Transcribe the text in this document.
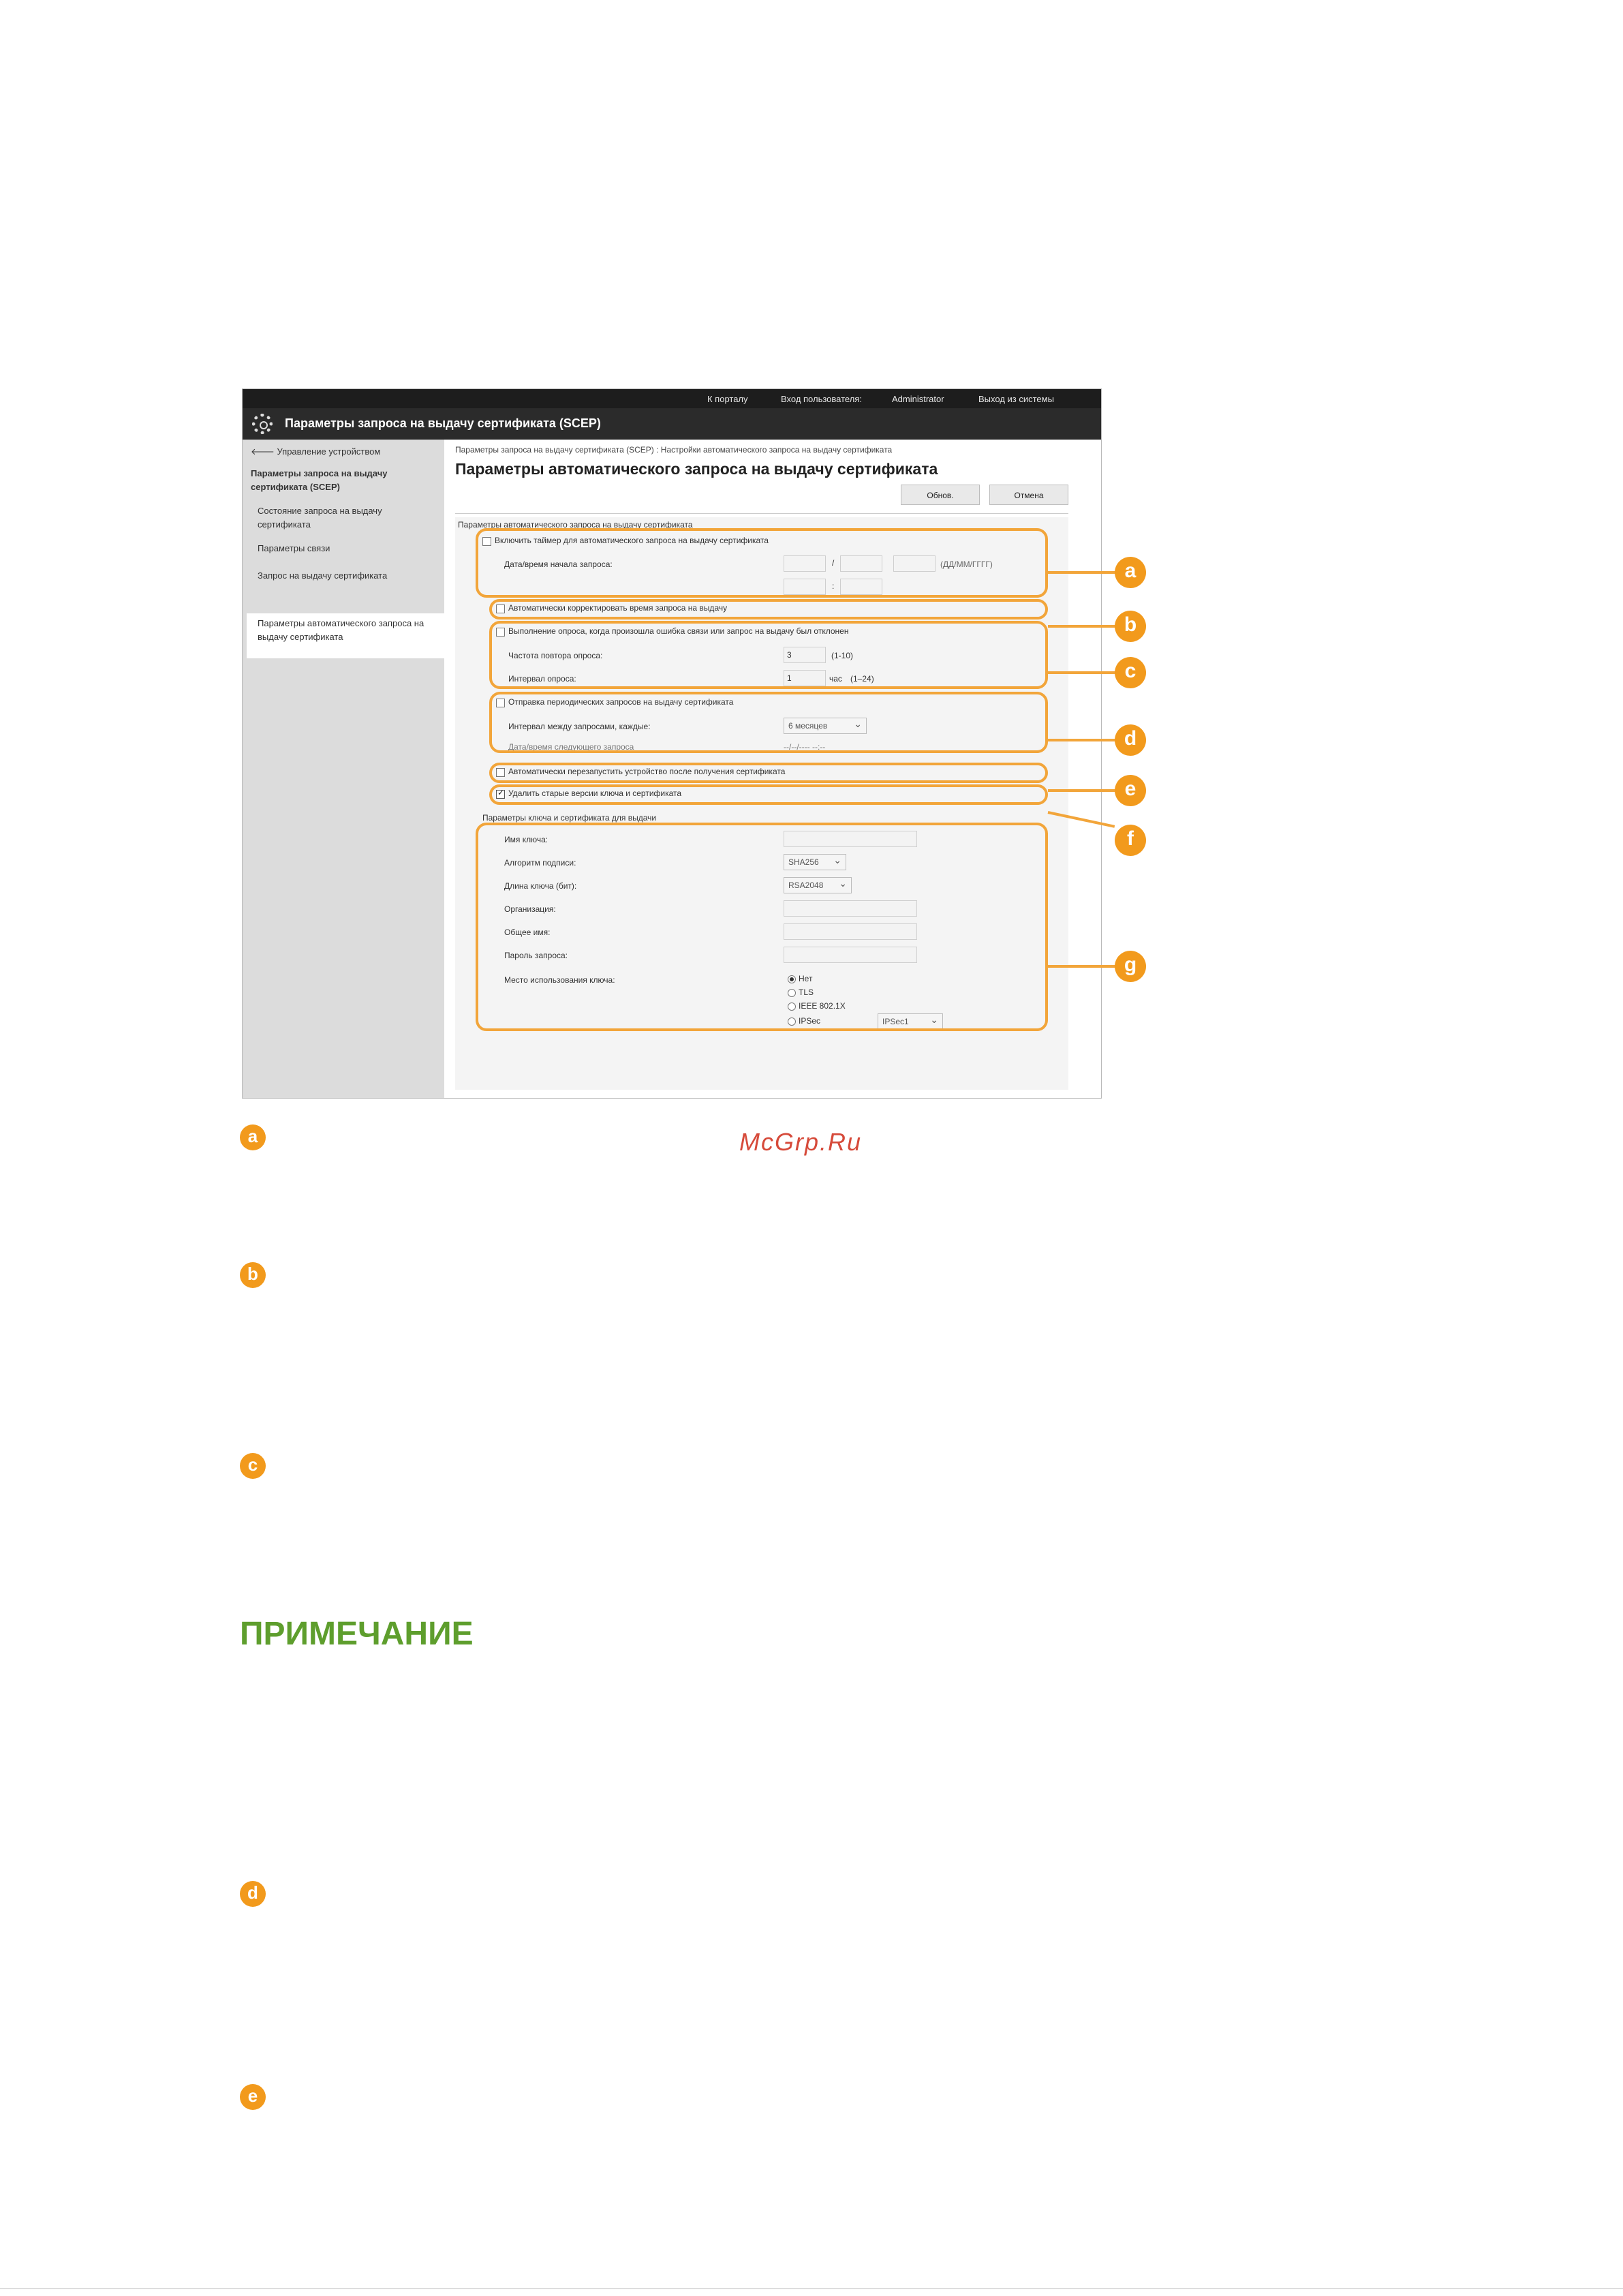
К порталу	Вход пользователя:	Administrator	Выход из системы
Параметры запроса на выдачу сертификата (SCEP)
🡐 Управление устройством
Параметры запроса на выдачу сертификата (SCEP)
Состояние запроса на выдачу сертификата
Параметры связи
Запрос на выдачу сертификата
Параметры автоматического запроса на выдачу сертификата
Параметры запроса на выдачу сертификата (SCEP) : Настройки автоматического запроса на выдачу сертификата
Параметры автоматического запроса на выдачу сертификата
Обнов.	Отмена
Параметры автоматического запроса на выдачу сертификата
Включить таймер для автоматического запроса на выдачу сертификата
Дата/время начала запроса:	/	(ДД/ММ/ГГГГ)
:
Автоматически корректировать время запроса на выдачу
Выполнение опроса, когда произошла ошибка связи или запрос на выдачу был отклонен
Частота повтора опроса:	3	(1-10)
Интервал опроса:	1	час (1–24)
Отправка периодических запросов на выдачу сертификата
Интервал между запросами, каждые:	6 месяцев ⌄
Дата/время следующего запроса	--/--/---- --:--
Автоматически перезапустить устройство после получения сертификата
✓ Удалить старые версии ключа и сертификата
Параметры ключа и сертификата для выдачи
Имя ключа:
Алгоритм подписи:	SHA256 ⌄
Длина ключа (бит):	RSA2048 ⌄
Организация:
Общее имя:
Пароль запроса:
Место использования ключа:	Нет
TLS
IEEE 802.1X
IPSec	IPSec1 ⌄
a
b
c
d
e
f
g
a	McGrp.Ru
b
c
ПРИМЕЧАНИЕ
d
e
